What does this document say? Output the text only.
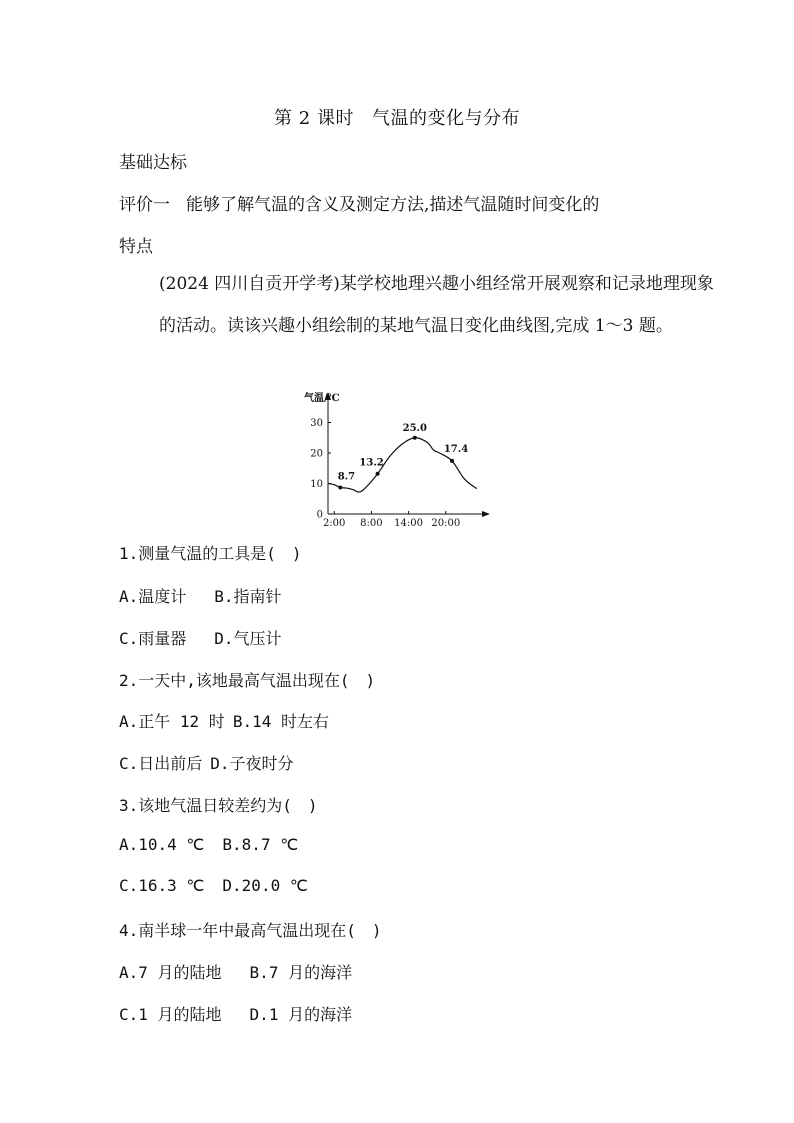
第 2 课时 气温的变化与分布
基础达标
评价一 能够了解气温的含义及测定方法,描述气温随时间变化的
特点
(2024 四川自贡开学考)某学校地理兴趣小组经常开展观察和记录地理现象的活动。读该兴趣小组绘制的某地气温日变化曲线图,完成 1～3 题。
气温/℃
0
10
20
30
2:00 8:00 14:00 20:00
8.7
13.2
25.0
17.4
1.测量气温的工具是(　)
A.温度计 B.指南针
C.雨量器 D.气压计
2.一天中,该地最高气温出现在(　)
A.正午 12 时 B.14 时左右
C.日出前后 D.子夜时分
3.该地气温日较差约为(　)
A.10.4 ℃ B.8.7 ℃
C.16.3 ℃ D.20.0 ℃
4.南半球一年中最高气温出现在(　)
A.7 月的陆地 B.7 月的海洋
C.1 月的陆地 D.1 月的海洋
